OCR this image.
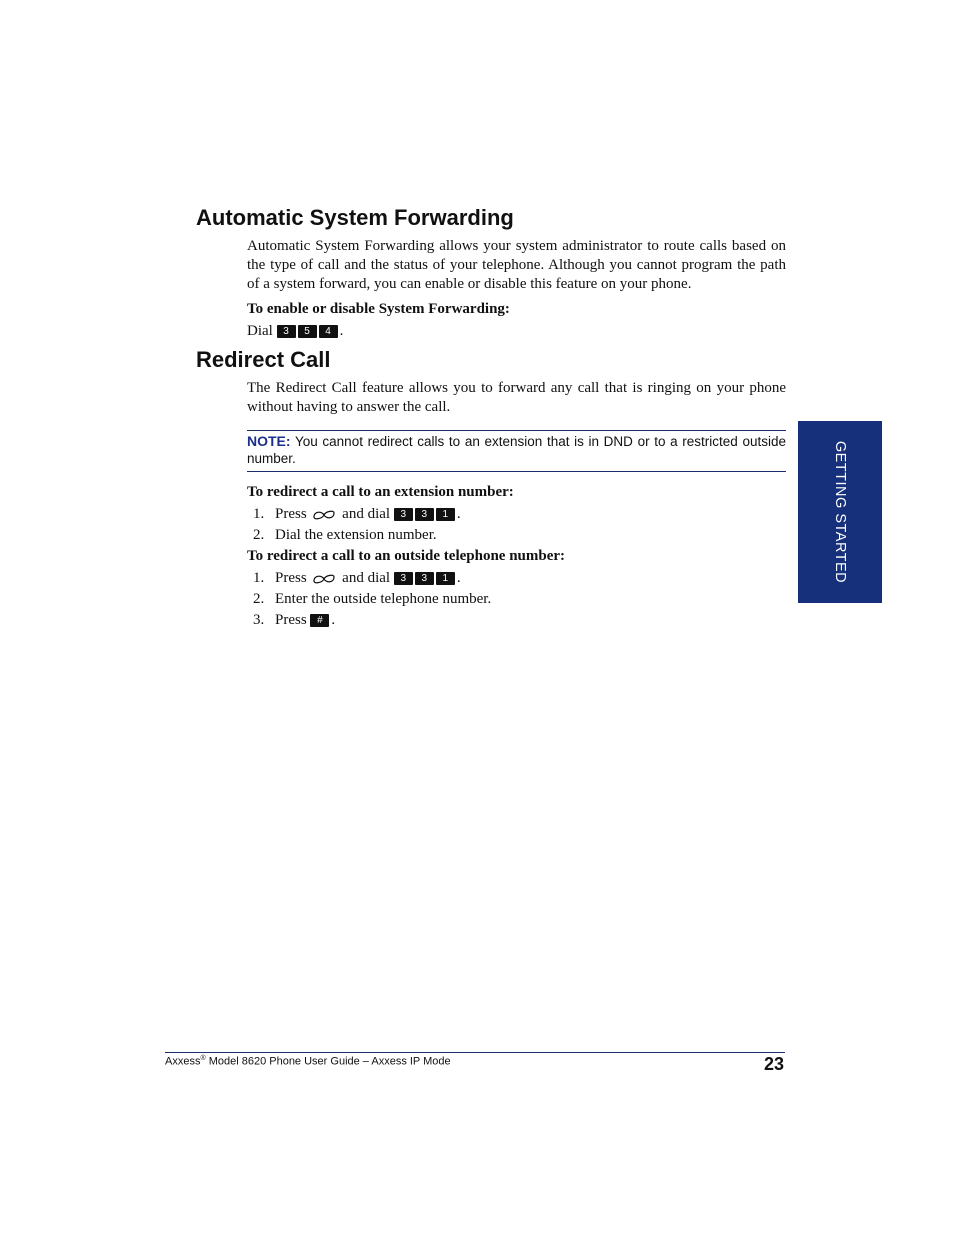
Automatic System Forwarding

Automatic System Forwarding allows your system administrator to route calls based on the type of call and the status of your telephone. Although you cannot program the path of a system forward, you can enable or disable this feature on your phone.

To enable or disable System Forwarding:

Dial 3 5 4 .

Redirect Call

The Redirect Call feature allows you to forward any call that is ringing on your phone without having to answer the call.

NOTE: You cannot redirect calls to an extension that is in DND or to a restricted outside number.

To redirect a call to an extension number:

1. Press and dial 3 3 1 .

2. Dial the extension number.

To redirect a call to an outside telephone number:

1. Press and dial 3 3 1 .

2. Enter the outside telephone number.

3. Press # .

GETTING STARTED
Axxess® Model 8620 Phone User Guide – Axxess IP Mode	23
